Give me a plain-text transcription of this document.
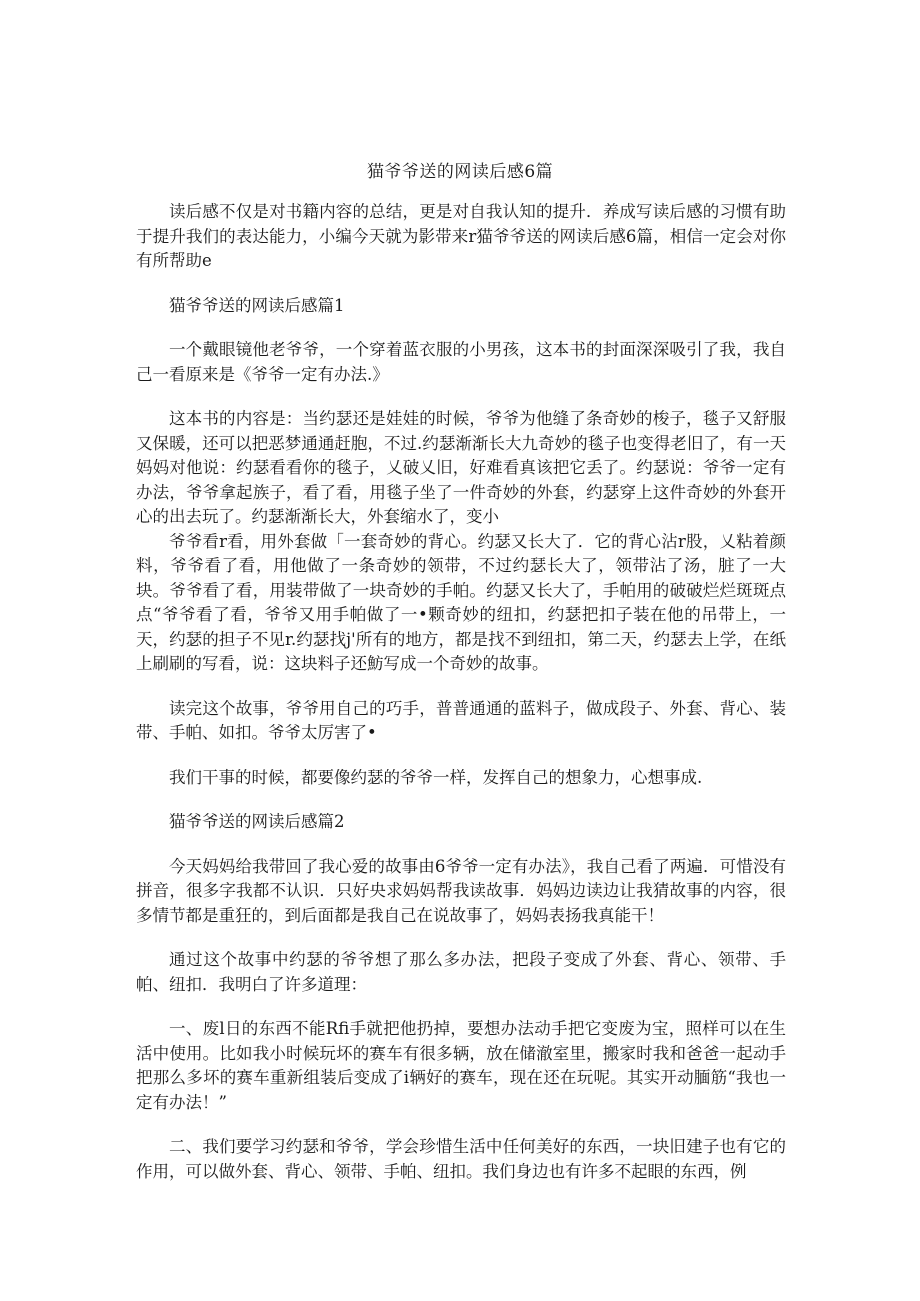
猫爷爷送的网读后感6篇

读后感不仅是对书籍内容的总结，更是对自我认知的提升．养成写读后感的习惯有助于提升我们的表达能力，小编今天就为影带来r猫爷爷送的网读后感6篇，相信一定会对你有所帮助e

猫爷爷送的网读后感篇1

一个戴眼镜他老爷爷，一个穿着蓝衣服的小男孩，这本书的封面深深吸引了我，我自己一看原来是《爷爷一定有办法.》

这本书的内容是：当约瑟还是娃娃的时候，爷爷为他缝了条奇妙的梭子，毯子又舒服又保暖，还可以把恶梦通通赶胞，不过.约瑟渐渐长大九奇妙的毯子也变得老旧了，有一天妈妈对他说：约瑟看看你的毯子，乂破乂旧，好难看真该把它丢了。约瑟说：爷爷一定有办法，爷爷拿起族子，看了看，用毯子坐了一件奇妙的外套，约瑟穿上这件奇妙的外套开心的出去玩了。约瑟渐渐长大，外套缩水了，变小

爷爷看r看，用外套做「一套奇妙的背心。约瑟又长大了．它的背心沾r股，乂粘着颜料，爷爷看了看，用他做了一条奇妙的领带，不过约瑟长大了，领带沾了汤，脏了一大块。爷爷看了看，用装带做了一块奇妙的手帕。约瑟又长大了，手帕用的破破烂烂斑斑点点“爷爷看了看，爷爷又用手帕做了一•颗奇妙的纽扣，约瑟把扣子装在他的吊带上，一天，约瑟的担子不见r.约瑟找j'所有的地方，都是找不到纽扣，第二天，约瑟去上学，在纸上刷刷的写看，说：这块料子还魴写成一个奇妙的故事。

读完这个故事，爷爷用自己的巧手，普普通通的蓝料子，做成段子、外套、背心、装带、手帕、如扣。爷爷太厉害了•

我们干事的时候，都要像约瑟的爷爷一样，发挥自己的想象力，心想事成.

猫爷爷送的网读后感篇2

今天妈妈给我带回了我心爱的故事由6爷爷一定有办法》，我自己看了两遍．可惜没有拼音，很多字我都不认识．只好央求妈妈帮我读故事．妈妈边读边让我猜故事的内容，很多情节都是重狂的，到后面都是我自己在说故事了，妈妈表扬我真能干！

通过这个故事中约瑟的爷爷想了那么多办法，把段子变成了外套、背心、领带、手帕、纽扣．我明白了许多道理：

一、废l日的东西不能Rfi手就把他扔掉，要想办法动手把它变废为宝，照样可以在生活中使用。比如我小时候玩坏的赛车有很多辆，放在储澈室里，搬家时我和爸爸一起动手把那么多坏的赛车重新组装后变成了i辆好的赛车，现在还在玩呢。其实开动腼筋“我也一定有办法！”

二、我们要学习约瑟和爷爷，学会珍惜生活中任何美好的东西，一块旧建子也有它的作用，可以做外套、背心、领带、手帕、纽扣。我们身边也有许多不起眼的东西，例
